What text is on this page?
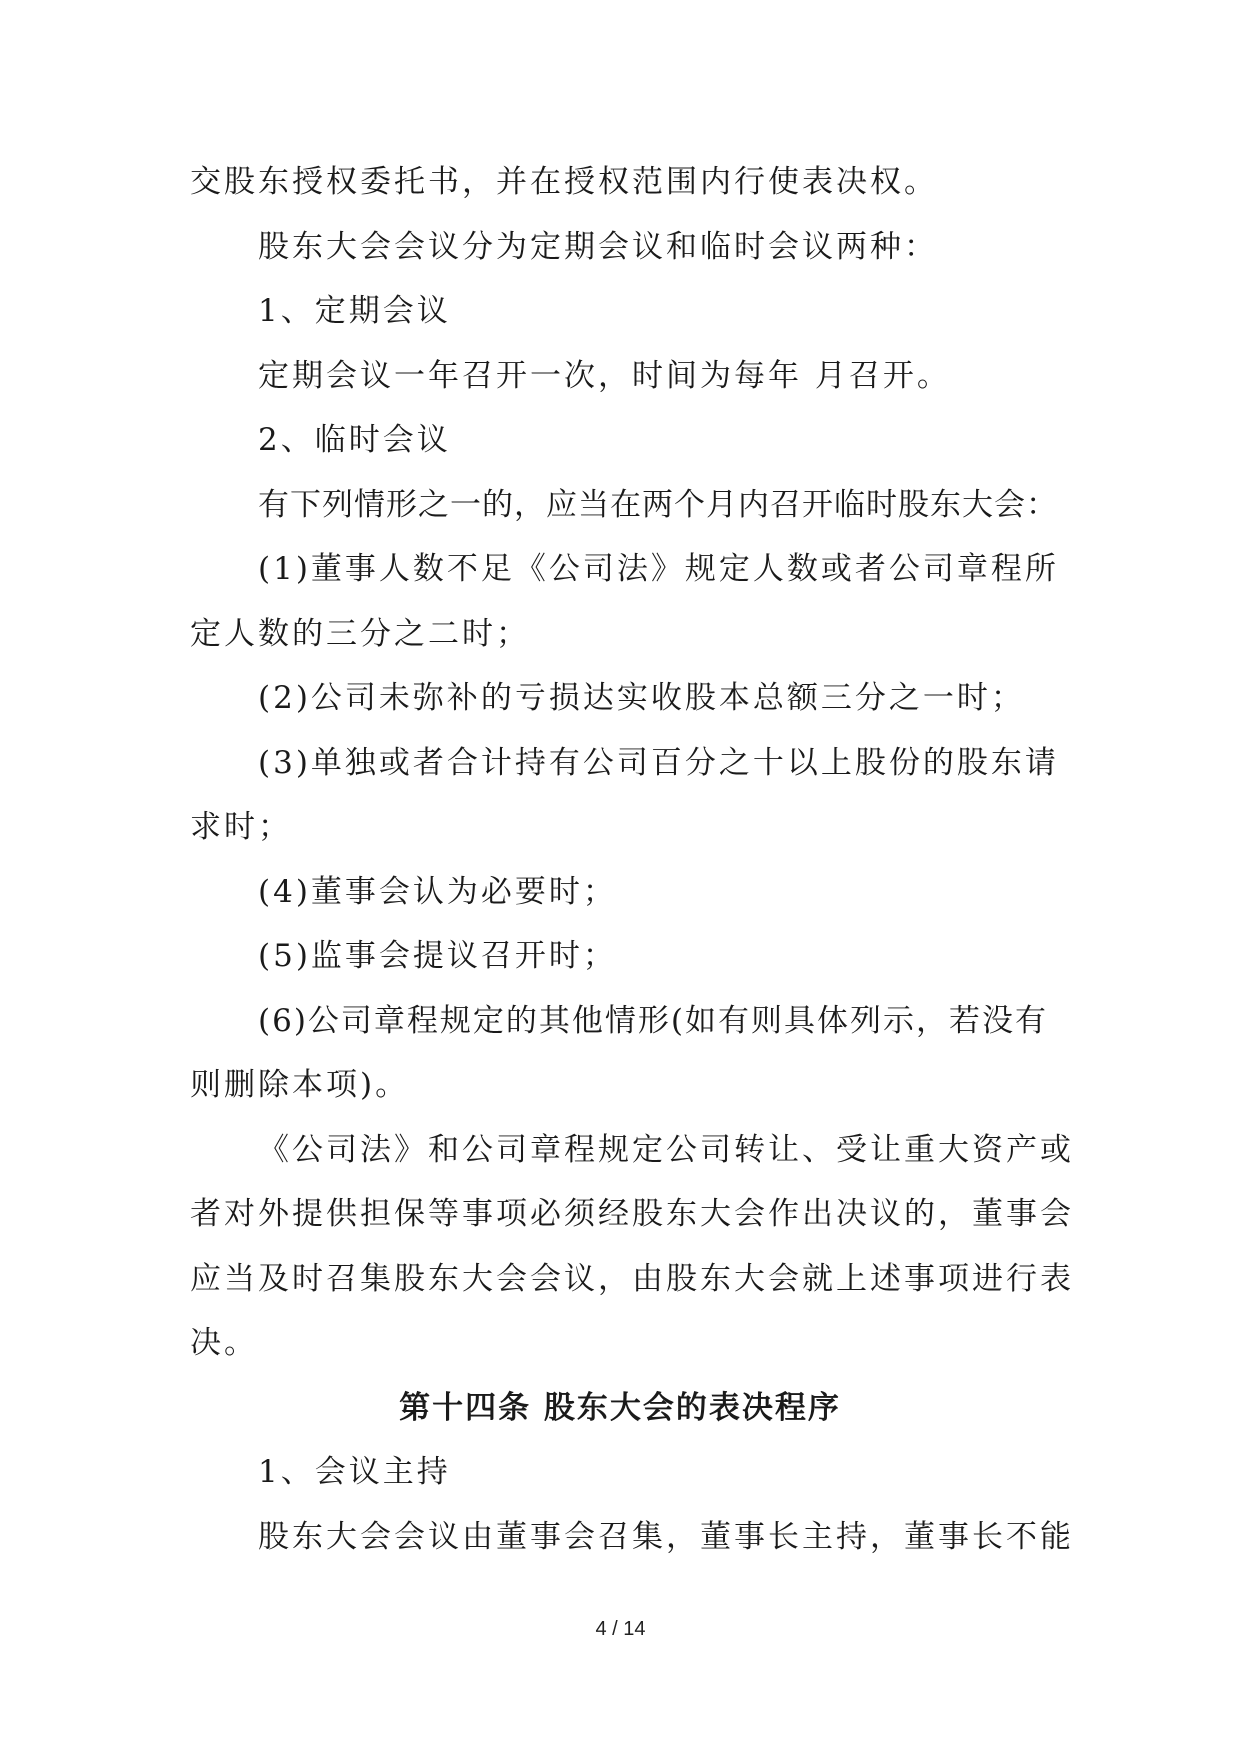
交股东授权委托书，并在授权范围内行使表决权。
股东大会会议分为定期会议和临时会议两种：
1、定期会议
定期会议一年召开一次，时间为每年 月召开。
2、临时会议
有下列情形之一的，应当在两个月内召开临时股东大会：
(1)董事人数不足《公司法》规定人数或者公司章程所
定人数的三分之二时；
(2)公司未弥补的亏损达实收股本总额三分之一时；
(3)单独或者合计持有公司百分之十以上股份的股东请
求时；
(4)董事会认为必要时；
(5)监事会提议召开时；
(6)公司章程规定的其他情形(如有则具体列示，若没有
则删除本项)。
《公司法》和公司章程规定公司转让、受让重大资产或
者对外提供担保等事项必须经股东大会作出决议的，董事会
应当及时召集股东大会会议，由股东大会就上述事项进行表
决。
第十四条 股东大会的表决程序
1、会议主持
股东大会会议由董事会召集，董事长主持，董事长不能
4 / 14
